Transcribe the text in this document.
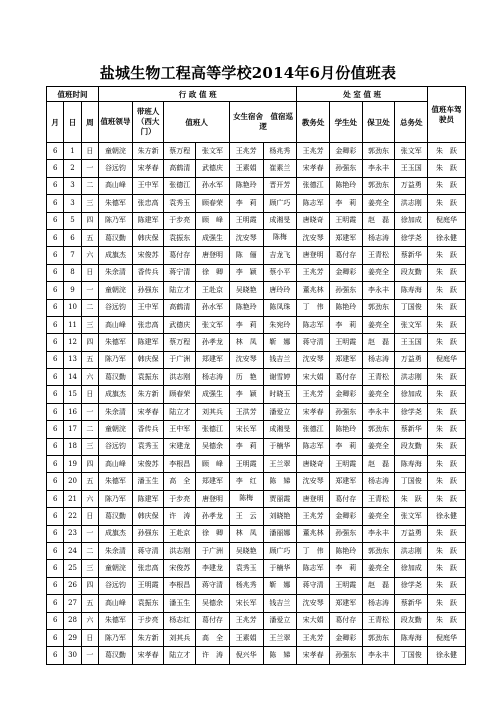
盐城生物工程高等学校2014年6月份值班表
值班时间			行 政 值 班						处 室 值 班				值班车驾驶员
月	日	周	值班领导	带班人（西大门）	值班人		女生宿舍　值宿巡逻		教务处	学生处	保卫处	总务处	
6	1	日	童朝浣	朱方新	蔡万程	张文军	王兆芳	杨兆秀	王兆芳	金卿彩	郭劲东	张文军	朱　跃
6	2	一	谷远钧	宋孝春	高鹤清	武德庆	王素娟	崔素兰	宋孝春	孙强东	李永丰	王玉国	朱　跃
6	3	二	高山峰	王中军	张德江	孙水军	陈艳玲	晋开芳	张德江	陈艳玲	郭劲东	万益勇	朱　跃
6	3	三	朱德军	张忠高	袁秀玉	顾春荣	李　莉	顾广巧	陈志军	李　莉	姜亮全	洪志刚	朱　跃
6	5	四	陈乃军	陈建军	于步亮	顾　峰	王明霞	成湘旻	唐晓奇	王明霞	赵　磊	徐加成	倪庭华
6	6	五	葛汉勤	韩庆保	袁振东	成强生	沈安琴	陈梅	沈安琴	郑建军	杨志涛	徐学尧	徐永健
6	7	六	成旗杰	宋俊苏	葛付存	唐登明	陈　俪	吉龙飞	唐登明	葛付存	王青松	蔡新华	朱　跃
6	8	日	朱余清	香传兵	蒋宁清	徐　卿	李　颖	蔡小平	王兆芳	金卿彩	姜亮全	段友勤	朱　跃
6	9	一	童朝浣	孙强东	陆立才	王赴京	吴晓艳	唐玲玲	董兆林	孙强东	李永丰	陈寿海	朱　跃
6	10	二	谷远钧	王中军	高鹤清	孙水军	陈艳玲	陈凤珠	丁　伟	陈艳玲	郭劲东	丁国俊	朱　跃
6	11	三	高山峰	张忠高	武德庆	张文军	李　莉	朱宛玲	陈志军	李　莉	姜亮全	张文军	朱　跃
6	12	四	朱德军	陈建军	蔡万程	孙孝龙	林　凤	靳　娜	蒋守清	王明霞	赵　磊	王玉国	朱　跃
6	13	五	陈乃军	韩庆保	于广洲	郑建军	沈安琴	钱吉兰	沈安琴	郑建军	杨志涛	万益勇	倪庭华
6	14	六	葛汉勤	袁振东	洪志刚	杨志涛	历　艳	谢雪婷	宋大娟	葛付存	王青松	洪志刚	朱　跃
6	15	日	成旗杰	朱方新	顾春荣	成强生	李　颖	时晓玉	王兆芳	金卿彩	姜亮全	徐加成	朱　跃
6	16	一	朱余清	宋孝春	陆立才	刘其兵	王洪芳	潘爱立	宋孝春	孙强东	李永丰	徐学尧	朱　跃
6	17	二	童朝浣	香传兵	王中军	张德江	宋长军	成湘旻	张德江	陈艳玲	郭劲东	蔡新华	朱　跃
6	18	三	谷远钧	袁秀玉	宋建龙	吴德余	李　莉	于楠华	陈志军	李　莉	姜亮全	段友勤	朱　跃
6	19	四	高山峰	宋俊苏	李根昌	顾　峰	王明霞	王兰翠	唐晓奇	王明霞	赵　磊	陈寿海	朱　跃
6	20	五	朱德军	潘玉生	高　全	郑建军	李　红	陈　娣	沈安琴	郑建军	杨志涛	丁国俊	朱　跃
6	21	六	陈乃军	陈建军	于步亮	唐登明	陈梅	贾丽霞	唐登明	葛付存	王青松	朱　跃	朱　跃
6	22	日	葛汉勤	韩庆保	许　涛	孙孝龙	王　云	刘晓艳	王兆芳	金卿彩	姜亮全	张文军	徐永健
6	23	一	成旗杰	孙强东	王赴京	徐　卿	林　凤	潘丽娜	董兆林	孙强东	李永丰	万益勇	朱　跃
6	24	二	朱余清	蒋守清	洪志刚	于广洲	吴晓艳	顾广巧	丁　伟	陈艳玲	郭劲东	洪志刚	朱　跃
6	25	三	童朝浣	张忠高	宋俊苏	李建龙	袁秀玉	于楠华	陈志军	李　莉	姜亮全	徐加成	朱　跃
6	26	四	谷远钧	王明霞	李根昌	蒋守清	杨兆秀	靳　娜	蒋守清	王明霞	赵　磊	徐学尧	朱　跃
6	27	五	高山峰	袁振东	潘玉生	吴德余	宋长军	钱吉兰	沈安琴	郑建军	杨志涛	蔡新华	朱　跃
6	28	六	朱德军	于步亮	杨志红	葛付存	王兆芳	潘爱立	宋大娟	葛付存	王青松	段友勤	朱　跃
6	29	日	陈乃军	朱方新	刘其兵	高　全	王素娟	王兰翠	王兆芳	金卿彩	郭劲东	陈寿海	倪庭华
6	30	一	葛汉勤	宋孝春	陆立才	许　涛	倪兴华	陈　娣	宋孝春	孙强东	李永丰	丁国俊	徐永健
